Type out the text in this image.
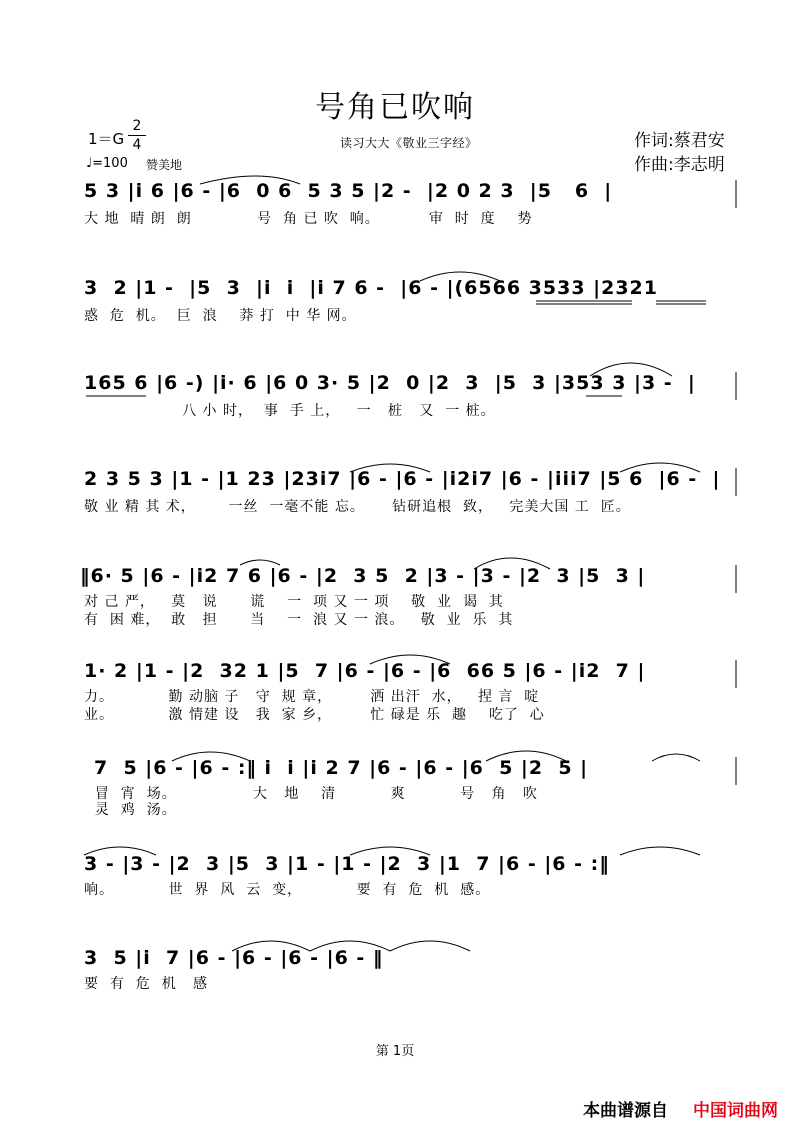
号角已吹响
1＝G
2
4
♩=100 赞美地
读习大大《敬业三字经》	作词:蔡君安
作曲:李志明
5 3 |i 6 |6 - |6  0 6  5 3 5 |2 -  |2 0 2 3  |5   6  |
大 地  晴 朗  朗            号  角 已 吹  响。         审  时  度    势
3  2 |1 -  |5  3  |i  i  |i 7 6 -  |6 - |(6566 3533 |2321
惑  危  机。  巨  浪    莽 打  中 华 网。
165 6 |6 -) |i· 6 |6 0 3· 5 |2  0 |2  3  |5  3 |353 3 |3 -  |
八 小 时，  事  手 上，   一   桩   又  一 桩。
2 3 5 3 |1 - |1 23 |23i7 |6 - |6 - |i2i7 |6 - |iii7 |5 6  |6 -  |
敬 业 精 其 术，      一丝  一毫不能 忘。     钻研追根  致，   完美大国 工  匠。
‖6· 5 |6 - |i2 7 6 |6 - |2  3 5  2 |3 - |3 - |2  3 |5  3 |
对 己 严，   莫   说      谎    一  项 又 一 项    敬  业  谒  其
有  困 难，  敢   担      当    一  浪 又 一 浪。   敬  业  乐  其
1· 2 |1 - |2  32 1 |5  7 |6 - |6 - |6  66 5 |6 - |i2  7 |
力。          勤 动脑 子   守  规 章，       洒 出汗  水，   捏 言  啶
业。          激 情建 设   我  家 乡，       忙 碌是 乐  趣    吃了  心
7  5 |6 - |6 - :‖ i  i |i 2 7 |6 - |6 - |6  5 |2  5 |
冒  宵  场。              大   地    清          爽          号   角   吹
灵  鸡  汤。
3 - |3 - |2  3 |5  3 |1 - |1 - |2  3 |1  7 |6 - |6 - :‖
响。          世  界  风  云  变，          要  有  危  机  感。
3  5 |i  7 |6 - |6 - |6 - |6 - ‖
要  有  危  机   感
第 1页
本曲谱源自 中国词曲网
